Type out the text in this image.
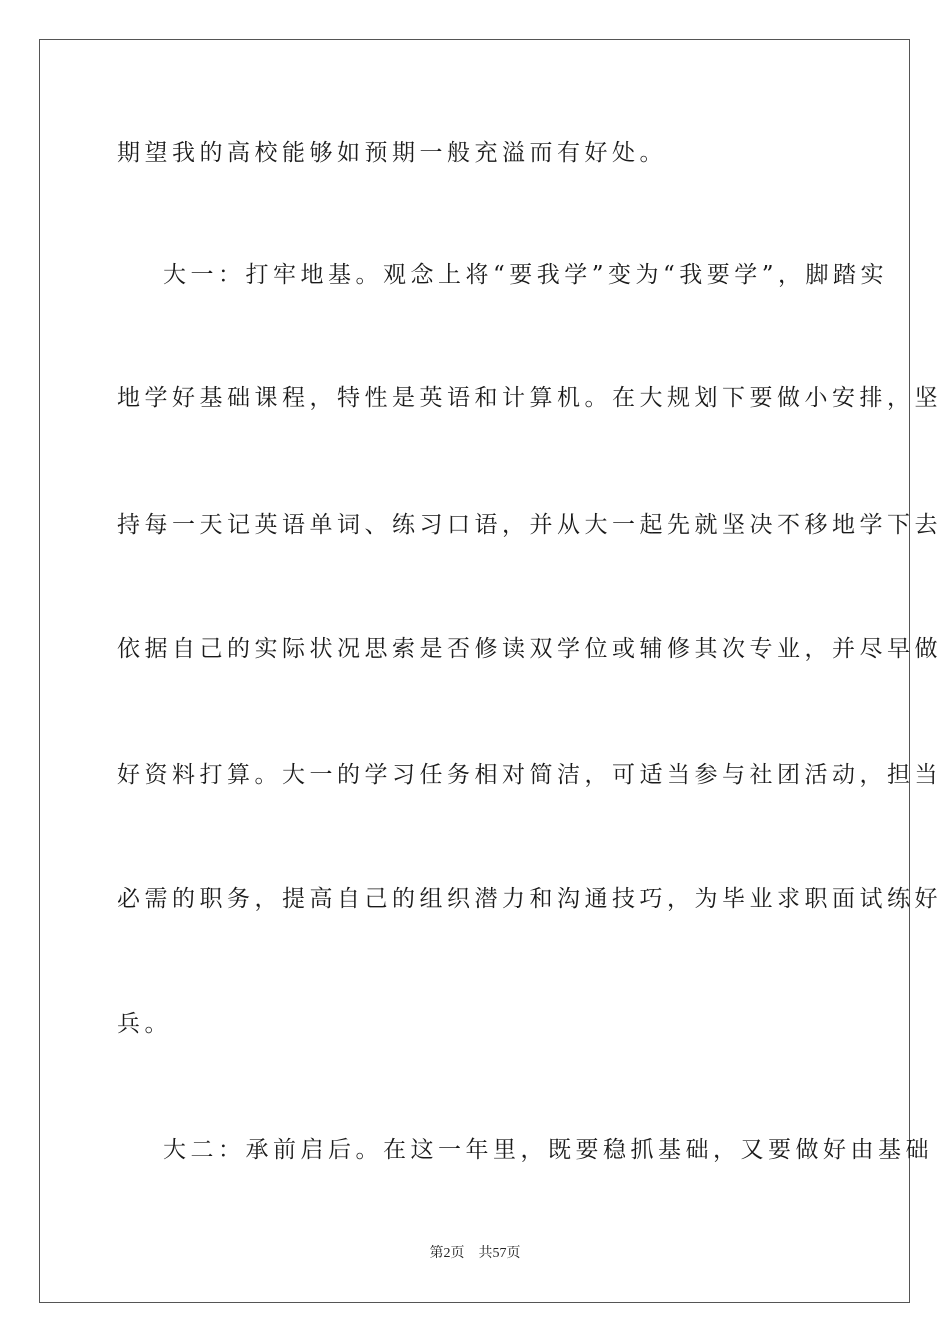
期望我的高校能够如预期一般充溢而有好处。
大一：打牢地基。观念上将“要我学”变为“我要学”，脚踏实
地学好基础课程，特性是英语和计算机。在大规划下要做小安排，坚
持每一天记英语单词、练习口语，并从大一起先就坚决不移地学下去
依据自己的实际状况思索是否修读双学位或辅修其次专业，并尽早做
好资料打算。大一的学习任务相对简洁，可适当参与社团活动，担当
必需的职务，提高自己的组织潜力和沟通技巧，为毕业求职面试练好
兵。
大二：承前启后。在这一年里，既要稳抓基础，又要做好由基础
第2页 共57页
